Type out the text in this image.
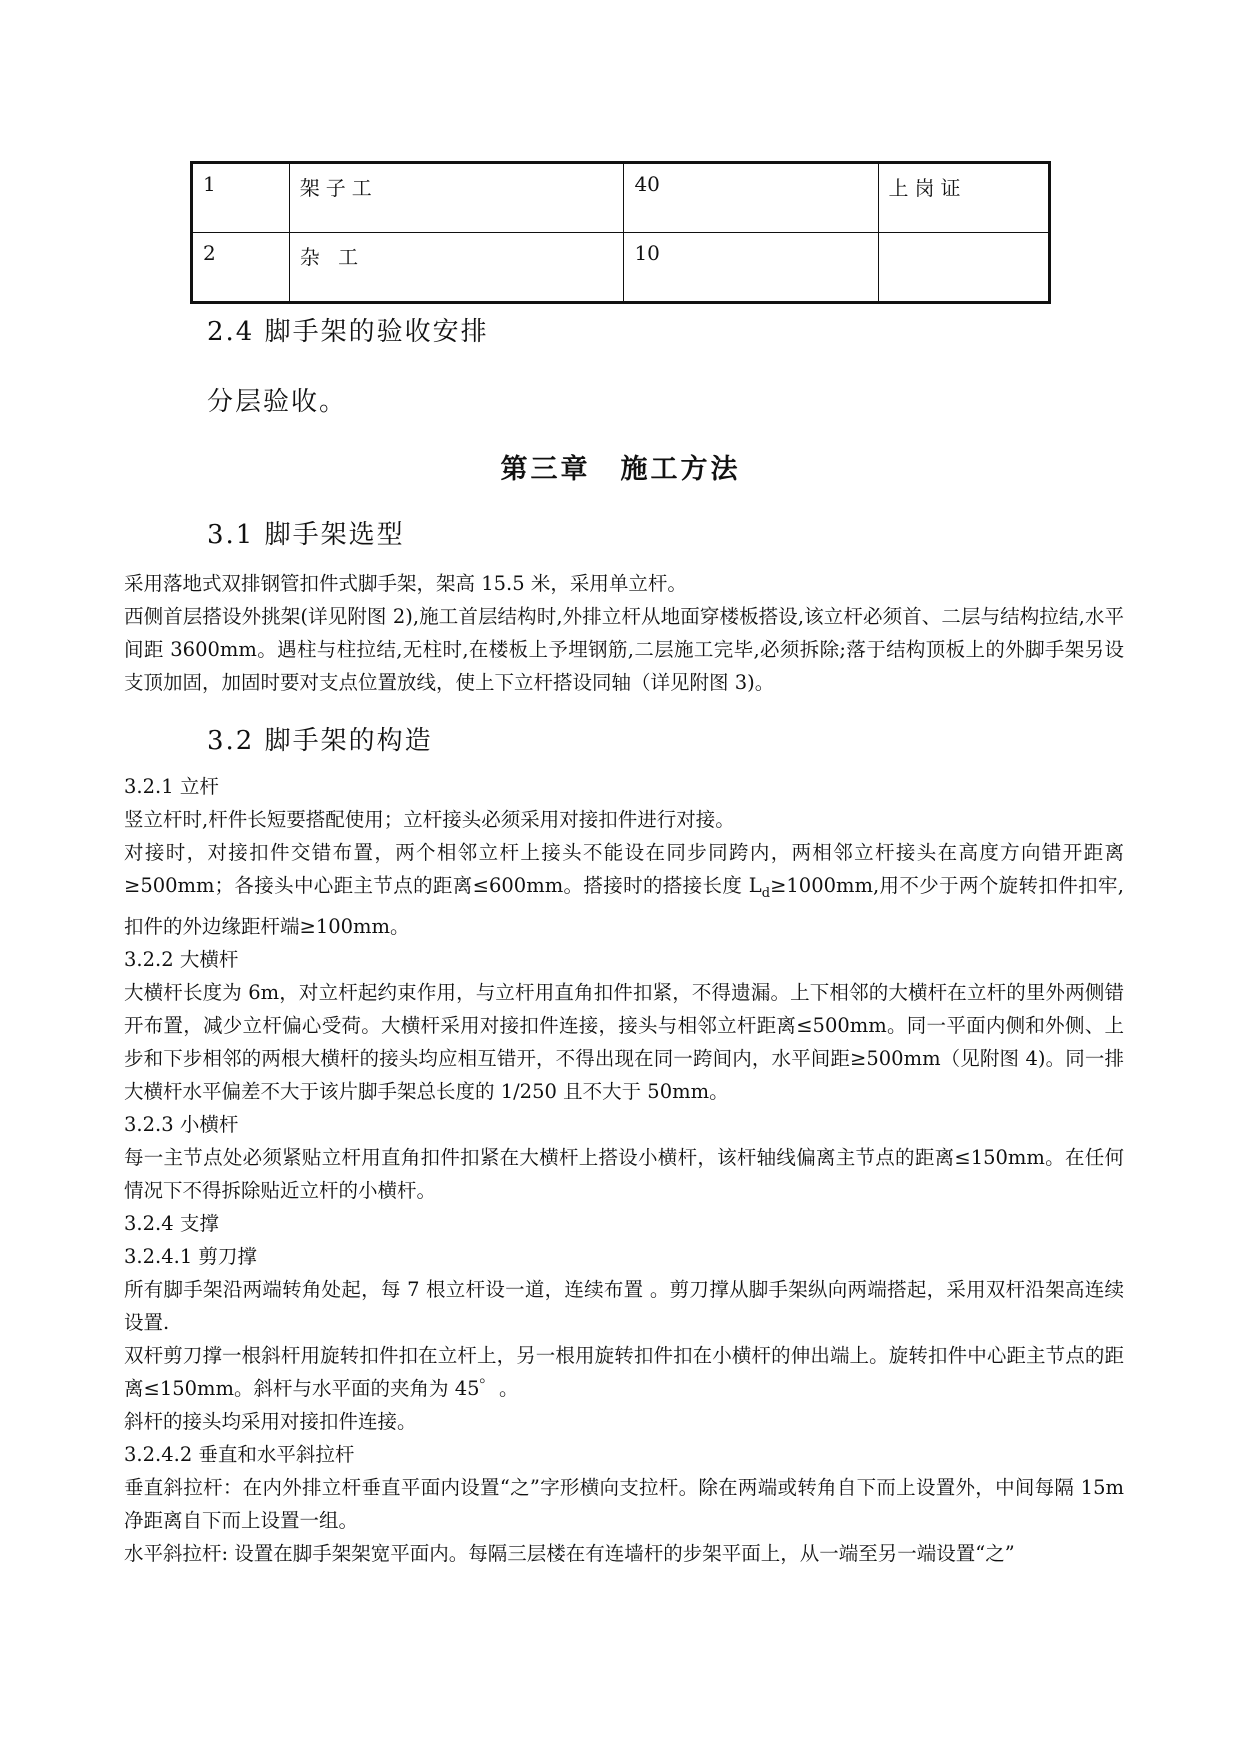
1	架子工	40	上岗证
2	杂 工	10	
2.4 脚手架的验收安排
分层验收。
第三章　施工方法
3.1 脚手架选型

采用落地式双排钢管扣件式脚手架，架高 15.5 米，采用单立杆。

西侧首层搭设外挑架(详见附图 2),施工首层结构时,外排立杆从地面穿楼板搭设,该立杆必须首、二层与结构拉结,水平间距 3600mm。遇柱与柱拉结,无柱时,在楼板上予埋钢筋,二层施工完毕,必须拆除;落于结构顶板上的外脚手架另设支顶加固，加固时要对支点位置放线，使上下立杆搭设同轴（详见附图 3)。

3.2 脚手架的构造

3.2.1 立杆

竖立杆时,杆件长短要搭配使用；立杆接头必须采用对接扣件进行对接。

对接时，对接扣件交错布置，两个相邻立杆上接头不能设在同步同跨内，两相邻立杆接头在高度方向错开距离≥500mm；各接头中心距主节点的距离≤600mm。搭接时的搭接长度 $L_d\ge 1000mm$,用不少于两个旋转扣件扣牢,扣件的外边缘距杆端≥100mm。

3.2.2 大横杆

大横杆长度为 6m，对立杆起约束作用，与立杆用直角扣件扣紧，不得遗漏。上下相邻的大横杆在立杆的里外两侧错开布置，减少立杆偏心受荷。大横杆采用对接扣件连接，接头与相邻立杆距离≤500mm。同一平面内侧和外侧、上步和下步相邻的两根大横杆的接头均应相互错开，不得出现在同一跨间内，水平间距≥500mm（见附图 4)。同一排大横杆水平偏差不大于该片脚手架总长度的 1/250 且不大于 50mm。

3.2.3 小横杆

每一主节点处必须紧贴立杆用直角扣件扣紧在大横杆上搭设小横杆，该杆轴线偏离主节点的距离≤150mm。在任何情况下不得拆除贴近立杆的小横杆。

3.2.4 支撑

3.2.4.1 剪刀撑

所有脚手架沿两端转角处起，每 7 根立杆设一道，连续布置 。剪刀撑从脚手架纵向两端搭起，采用双杆沿架高连续设置.

双杆剪刀撑一根斜杆用旋转扣件扣在立杆上，另一根用旋转扣件扣在小横杆的伸出端上。旋转扣件中心距主节点的距离≤150mm。斜杆与水平面的夹角为 45゜。

斜杆的接头均采用对接扣件连接。

3.2.4.2 垂直和水平斜拉杆

垂直斜拉杆：在内外排立杆垂直平面内设置“之”字形横向支拉杆。除在两端或转角自下而上设置外，中间每隔 15m 净距离自下而上设置一组。

水平斜拉杆: 设置在脚手架架宽平面内。每隔三层楼在有连墙杆的步架平面上，从一端至另一端设置“之”
